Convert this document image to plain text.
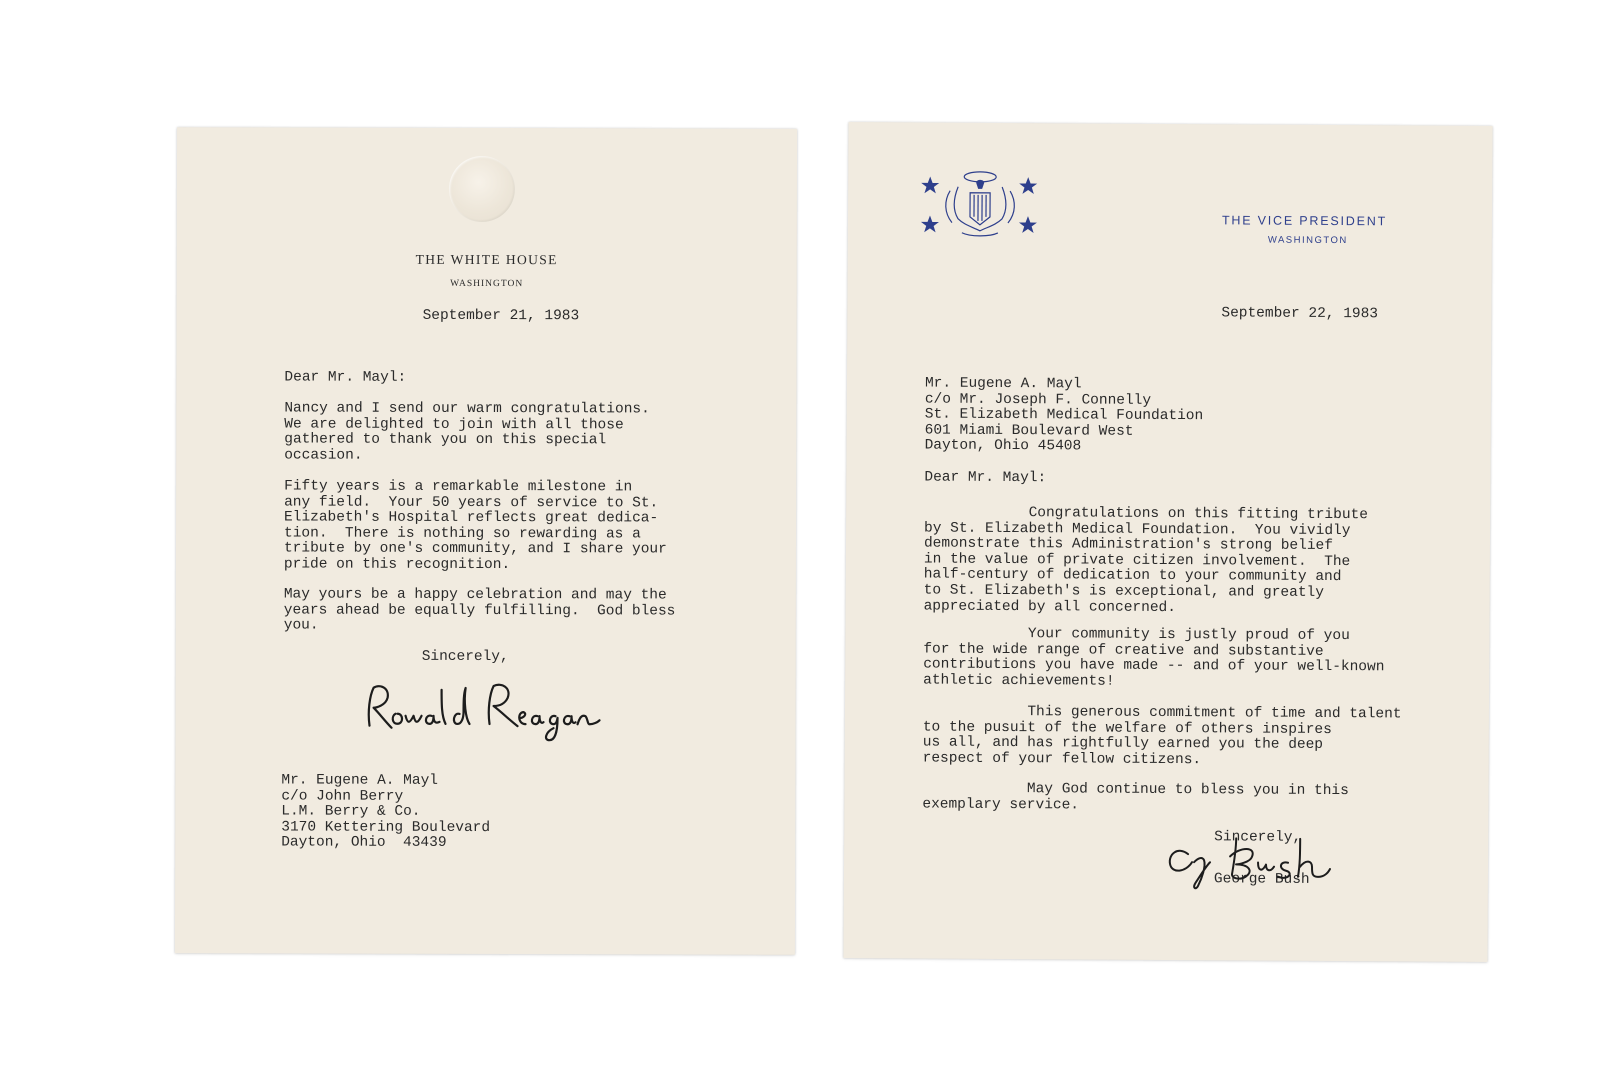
THE WHITE HOUSE
WASHINGTON

September 21, 1983

Dear Mr. Mayl:

Nancy and I send our warm congratulations.
We are delighted to join with all those
gathered to thank you on this special
occasion.

Fifty years is a remarkable milestone in
any field.  Your 50 years of service to St.
Elizabeth's Hospital reflects great dedica-
tion.  There is nothing so rewarding as a
tribute by one's community, and I share your
pride on this recognition.

May yours be a happy celebration and may the
years ahead be equally fulfilling.  God bless
you.

Sincerely,

Mr. Eugene A. Mayl

c/o John Berry

L.M. Berry & Co.

3170 Kettering Boulevard

Dayton, Ohio  43439

THE VICE PRESIDENT
WASHINGTON

September 22, 1983

Mr. Eugene A. Mayl

c/o Mr. Joseph F. Connelly

St. Elizabeth Medical Foundation

601 Miami Boulevard West

Dayton, Ohio 45408

Dear Mr. Mayl:

Congratulations on this fitting tribute
by St. Elizabeth Medical Foundation.  You vividly
demonstrate this Administration's strong belief
in the value of private citizen involvement.  The
half-century of dedication to your community and
to St. Elizabeth's is exceptional, and greatly
appreciated by all concerned.

Your community is justly proud of you
for the wide range of creative and substantive
contributions you have made -- and of your well-known
athletic achievements!

This generous commitment of time and talent
to the pusuit of the welfare of others inspires
us all, and has rightfully earned you the deep
respect of your fellow citizens.

May God continue to bless you in this
exemplary service.

Sincerely,

George Bush
